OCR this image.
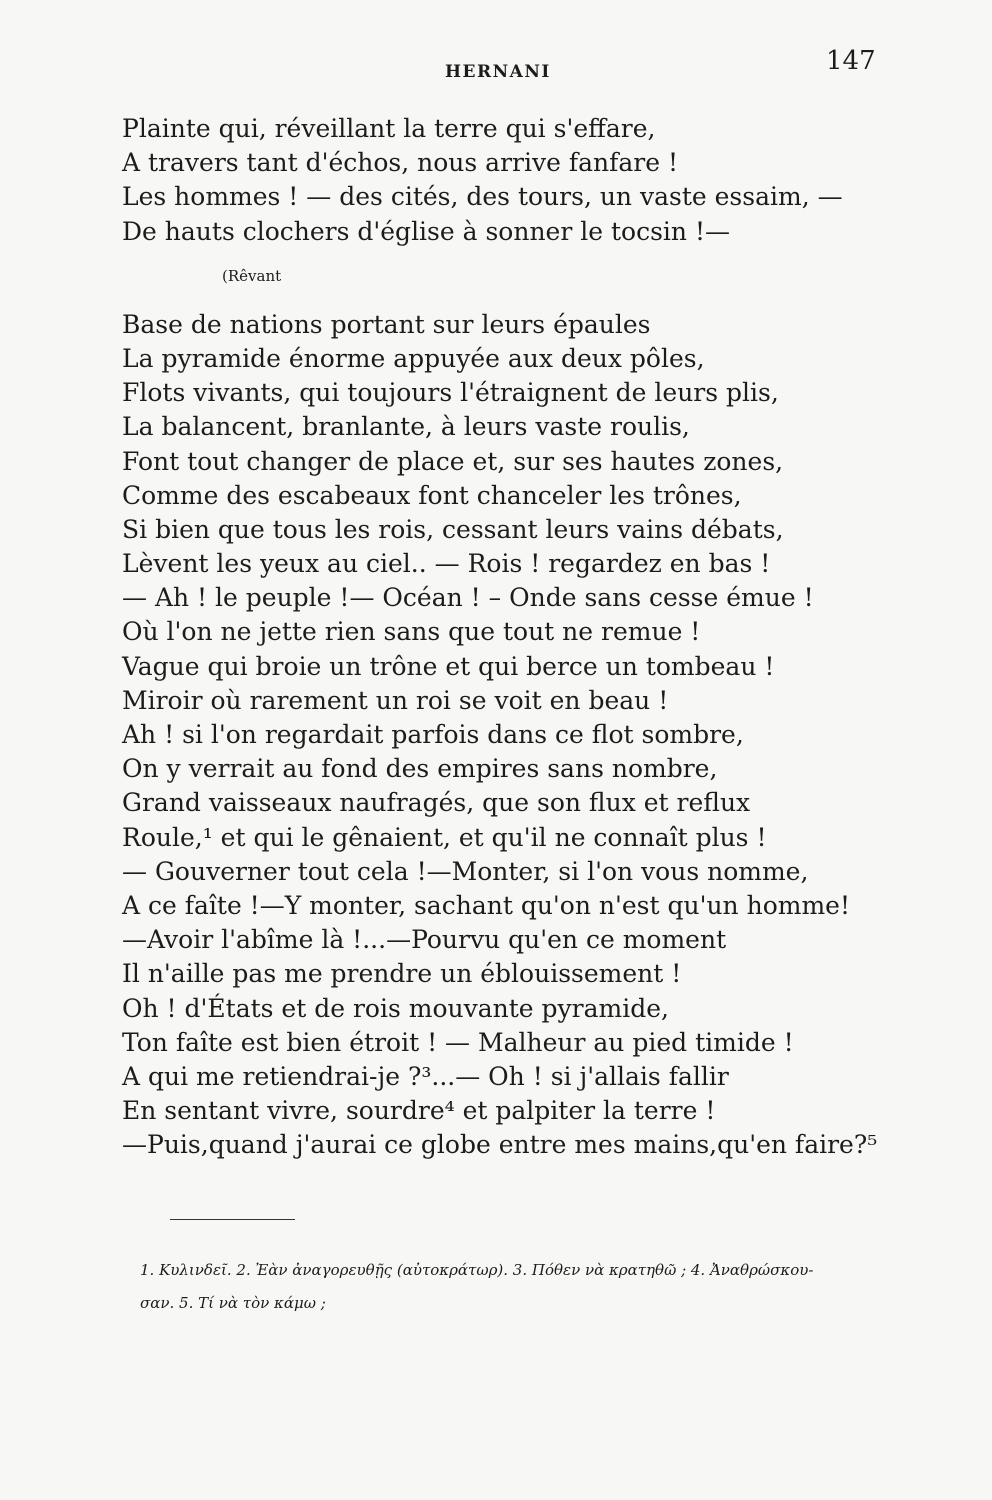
HERNANI	147
Plainte qui, réveillant la terre qui s'effare,
A travers tant d'échos, nous arrive fanfare !
Les hommes ! — des cités, des tours, un vaste essaim, —
De hauts clochers d'église à sonner le tocsin !—
(Rêvant
Base de nations portant sur leurs épaules
La pyramide énorme appuyée aux deux pôles,
Flots vivants, qui toujours l'étraignent de leurs plis,
La balancent, branlante, à leurs vaste roulis,
Font tout changer de place et, sur ses hautes zones,
Comme des escabeaux font chanceler les trônes,
Si bien que tous les rois, cessant leurs vains débats,
Lèvent les yeux au ciel.. — Rois ! regardez en bas !
— Ah ! le peuple !— Océan ! – Onde sans cesse émue !
Où l'on ne jette rien sans que tout ne remue !
Vague qui broie un trône et qui berce un tombeau !
Miroir où rarement un roi se voit en beau !
Ah ! si l'on regardait parfois dans ce flot sombre,
On y verrait au fond des empires sans nombre,
Grand vaisseaux naufragés, que son flux et reflux
Roule,¹ et qui le gênaient, et qu'il ne connaît plus !
— Gouverner tout cela !—Monter, si l'on vous nomme,
A ce faîte !—Y monter, sachant qu'on n'est qu'un homme!
—Avoir l'abîme là !...—Pourvu qu'en ce moment
Il n'aille pas me prendre un éblouissement !
Oh ! d'États et de rois mouvante pyramide,
Ton faîte est bien étroit ! — Malheur au pied timide !
A qui me retiendrai-je ?³...— Oh ! si j'allais fallir
En sentant vivre, sourdre⁴ et palpiter la terre !
—Puis,quand j'aurai ce globe entre mes mains,qu'en faire?⁵
1. Κυλινδεῖ. 2. Ἐὰν ἀναγορευθῇς (αὐτοκράτωρ). 3. Πόθεν νὰ κρατηθῶ ; 4. Ἀναθρώσκου-
σαν. 5. Τί νὰ τὸν κάμω ;
